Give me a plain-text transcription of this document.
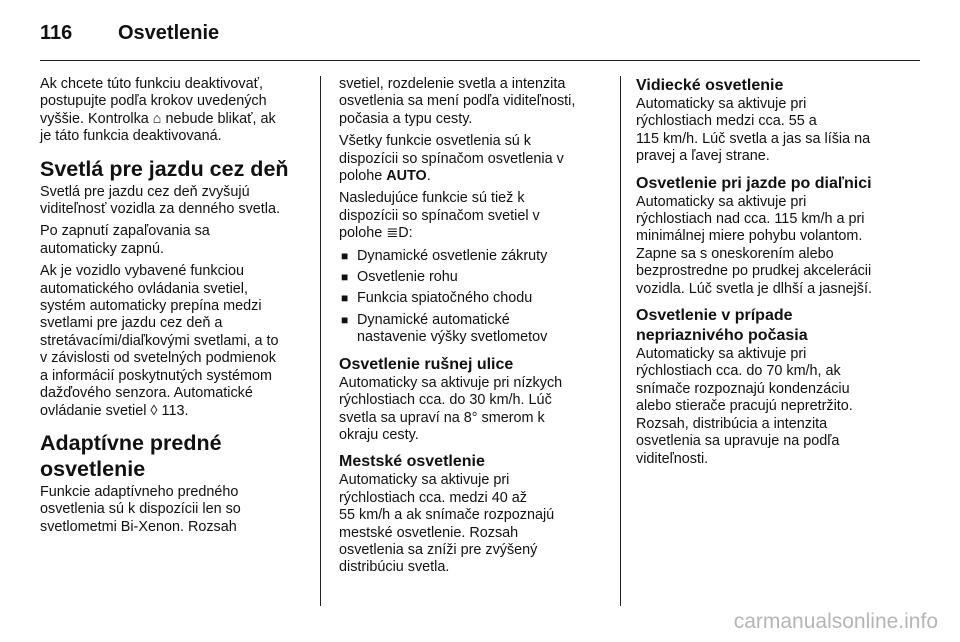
116 Osvetlenie

Ak chcete túto funkciu deaktivovať,
postupujte podľa krokov uvedených
vyššie. Kontrolka ⌂ nebude blikať, ak
je táto funkcia deaktivovaná.

Svetlá pre jazdu cez deň

Svetlá pre jazdu cez deň zvyšujú
viditeľnosť vozidla za denného svetla.

Po zapnutí zapaľovania sa
automaticky zapnú.

Ak je vozidlo vybavené funkciou
automatického ovládania svetiel,
systém automaticky prepína medzi
svetlami pre jazdu cez deň a
stretávacími/diaľkovými svetlami, a to
v závislosti od svetelných podmienok
a informácií poskytnutých systémom
dažďového senzora. Automatické
ovládanie svetiel ◊ 113.

Adaptívne predné
osvetlenie

Funkcie adaptívneho predného
osvetlenia sú k dispozícii len so
svetlometmi Bi-Xenon. Rozsah

svetiel, rozdelenie svetla a intenzita
osvetlenia sa mení podľa viditeľnosti,
počasia a typu cesty.

Všetky funkcie osvetlenia sú k
dispozícii so spínačom osvetlenia v
polohe AUTO.

Nasledujúce funkcie sú tiež k
dispozícii so spínačom svetiel v
polohe ≣D:

■ Dynamické osvetlenie zákruty
■ Osvetlenie rohu
■ Funkcia spiatočného chodu
■ Dynamické automatické
nastavenie výšky svetlometov
Osvetlenie rušnej ulice

Automaticky sa aktivuje pri nízkych
rýchlostiach cca. do 30 km/h. Lúč
svetla sa upraví na 8° smerom k
okraju cesty.

Mestské osvetlenie

Automaticky sa aktivuje pri
rýchlostiach cca. medzi 40 až
55 km/h a ak snímače rozpoznajú
mestské osvetlenie. Rozsah
osvetlenia sa zníži pre zvýšený
distribúciu svetla.

Vidiecké osvetlenie

Automaticky sa aktivuje pri
rýchlostiach medzi cca. 55 a
115 km/h. Lúč svetla a jas sa líšia na
pravej a ľavej strane.

Osvetlenie pri jazde po diaľnici

Automaticky sa aktivuje pri
rýchlostiach nad cca. 115 km/h a pri
minimálnej miere pohybu volantom.
Zapne sa s oneskorením alebo
bezprostredne po prudkej akcelerácii
vozidla. Lúč svetla je dlhší a jasnejší.

Osvetlenie v prípade
nepriaznivého počasia

Automaticky sa aktivuje pri
rýchlostiach cca. do 70 km/h, ak
snímače rozpoznajú kondenzáciu
alebo stierače pracujú nepretržito.
Rozsah, distribúcia a intenzita
osvetlenia sa upravuje na podľa
viditeľnosti.

carmanualsonline.info
